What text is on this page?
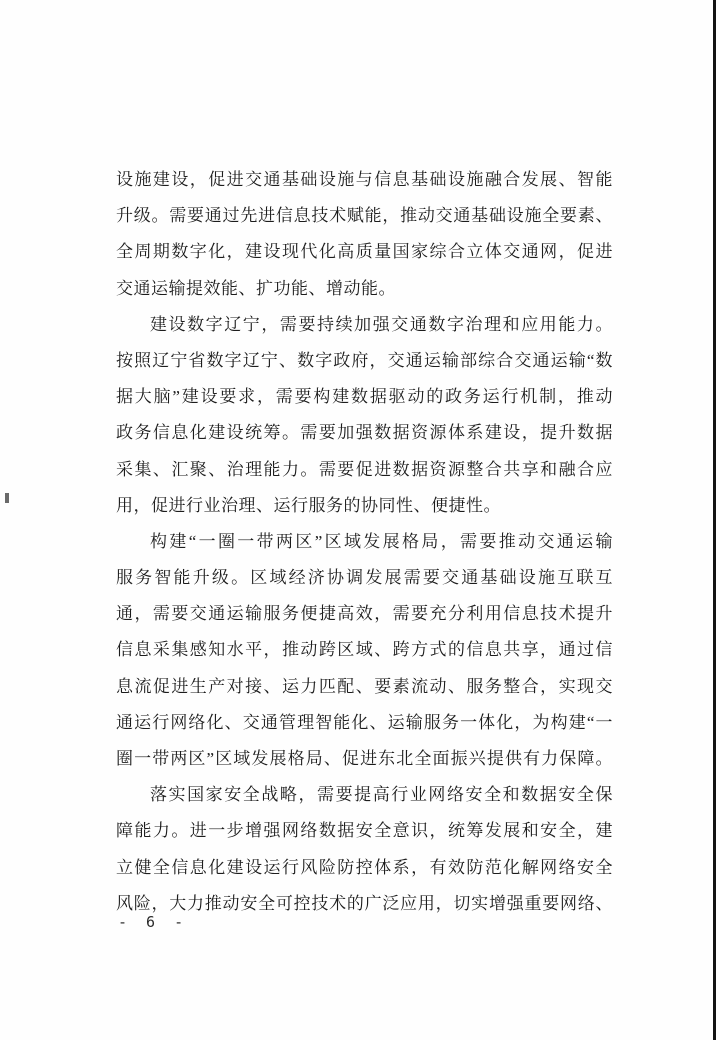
设施建设，促进交通基础设施与信息基础设施融合发展、智能
升级。需要通过先进信息技术赋能，推动交通基础设施全要素、
全周期数字化，建设现代化高质量国家综合立体交通网，促进
交通运输提效能、扩功能、增动能。
建设数字辽宁，需要持续加强交通数字治理和应用能力。
按照辽宁省数字辽宁、数字政府，交通运输部综合交通运输“数
据大脑”建设要求，需要构建数据驱动的政务运行机制，推动
政务信息化建设统筹。需要加强数据资源体系建设，提升数据
采集、汇聚、治理能力。需要促进数据资源整合共享和融合应
用，促进行业治理、运行服务的协同性、便捷性。
构建“一圈一带两区”区域发展格局，需要推动交通运输
服务智能升级。区域经济协调发展需要交通基础设施互联互
通，需要交通运输服务便捷高效，需要充分利用信息技术提升
信息采集感知水平，推动跨区域、跨方式的信息共享，通过信
息流促进生产对接、运力匹配、要素流动、服务整合，实现交
通运行网络化、交通管理智能化、运输服务一体化，为构建“一
圈一带两区”区域发展格局、促进东北全面振兴提供有力保障。
落实国家安全战略，需要提高行业网络安全和数据安全保
障能力。进一步增强网络数据安全意识，统筹发展和安全，建
立健全信息化建设运行风险防控体系，有效防范化解网络安全
风险，大力推动安全可控技术的广泛应用，切实增强重要网络、
- 6 -
